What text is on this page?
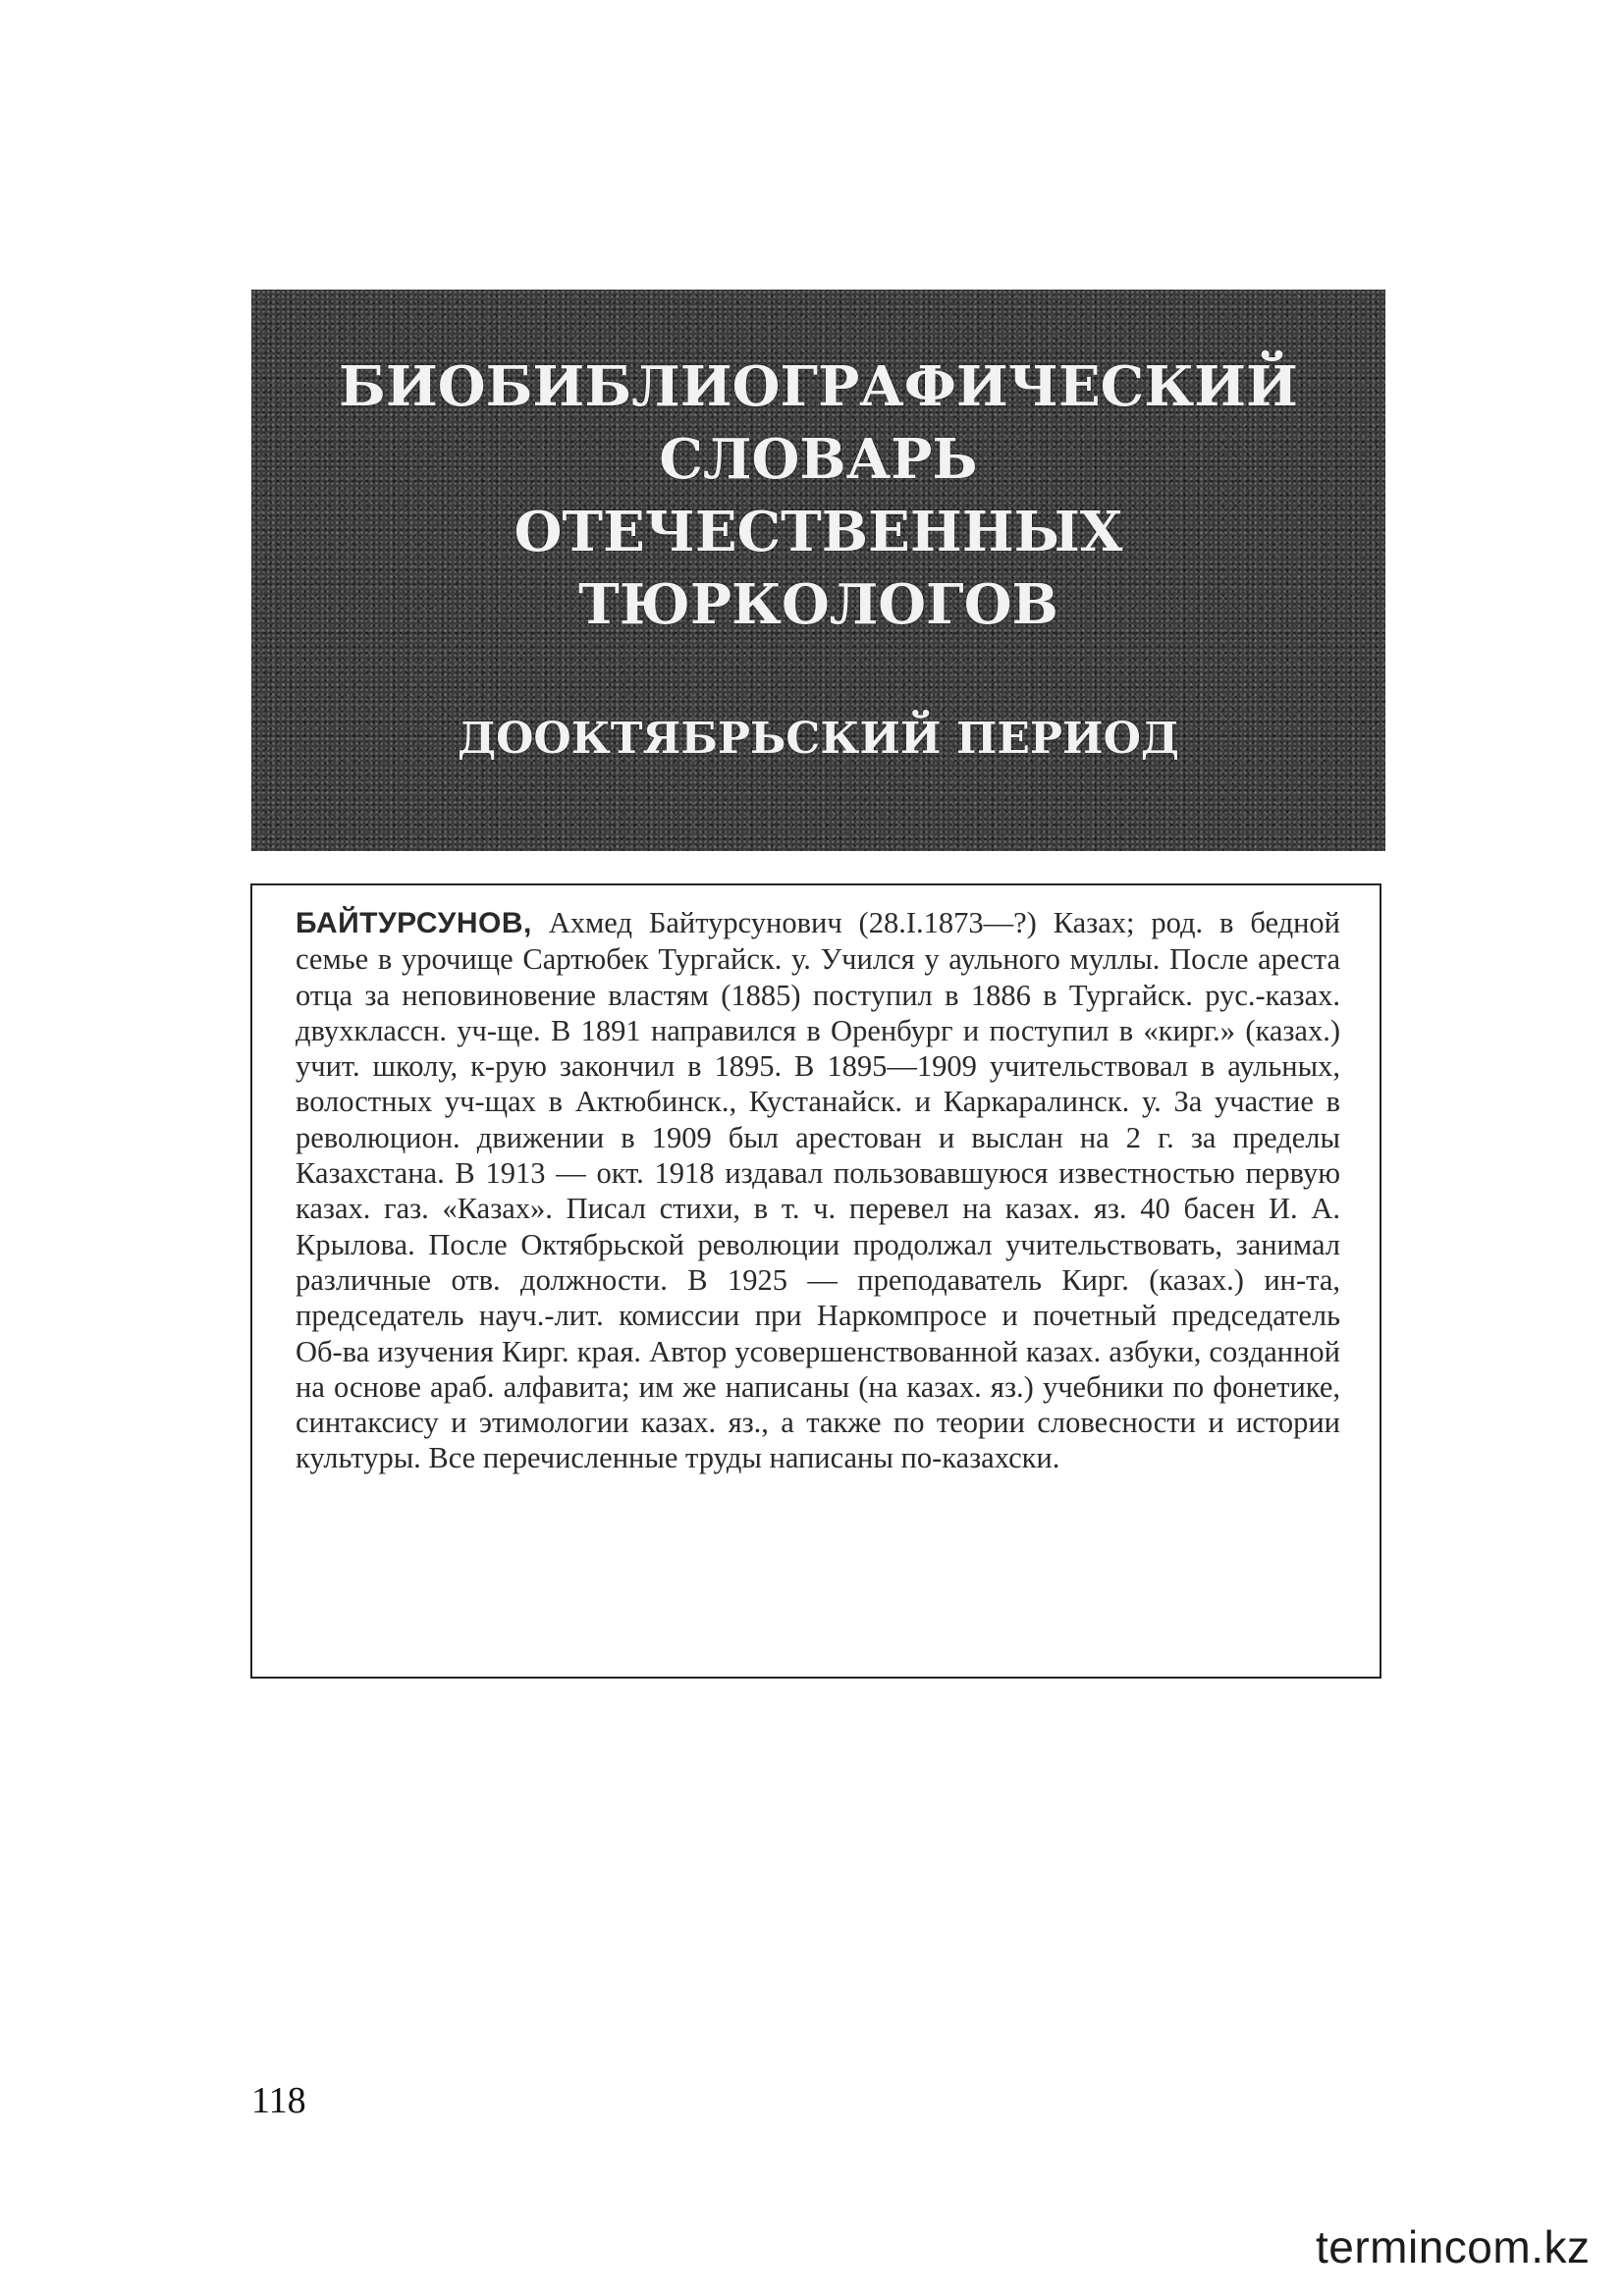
БИОБИБЛИОГРАФИЧЕСКИЙ
СЛОВАРЬ
ОТЕЧЕСТВЕННЫХ
ТЮРКОЛОГОВ
ДООКТЯБРЬСКИЙ ПЕРИОД

БАЙТУРСУНОВ, Ахмед Байтурсунович (28.I.1873—?) Казах; род. в бедной семье в урочище Сартюбек Тургайск. у. Учился у аульного муллы. После ареста отца за неповиновение властям (1885) поступил в 1886 в Тургайск. рус.-казах. двухклассн. уч-ще. В 1891 направился в Оренбург и поступил в «кирг.» (казах.) учит. школу, к-рую закончил в 1895. В 1895—1909 учительствовал в аульных, волостных уч-щах в Актюбинск., Кустанайск. и Каркаралинск. у. За участие в революцион. движении в 1909 был арестован и выслан на 2 г. за пределы Казахстана. В 1913 — окт. 1918 издавал пользовавшуюся известностью первую казах. газ. «Казах». Писал стихи, в т. ч. перевел на казах. яз. 40 басен И. А. Крылова. После Октябрьской революции продолжал учительствовать, занимал различные отв. должности. В 1925 — преподаватель Кирг. (казах.) ин-та, председатель науч.-лит. комиссии при Наркомпросе и почетный председатель Об-ва изучения Кирг. края. Автор усовершенствованной казах. азбуки, созданной на основе араб. алфавита; им же написаны (на казах. яз.) учебники по фонетике, синтаксису и этимологии казах. яз., а также по теории словесности и истории культуры. Все перечисленные труды написаны по-казахски.

118
termincom.kz
